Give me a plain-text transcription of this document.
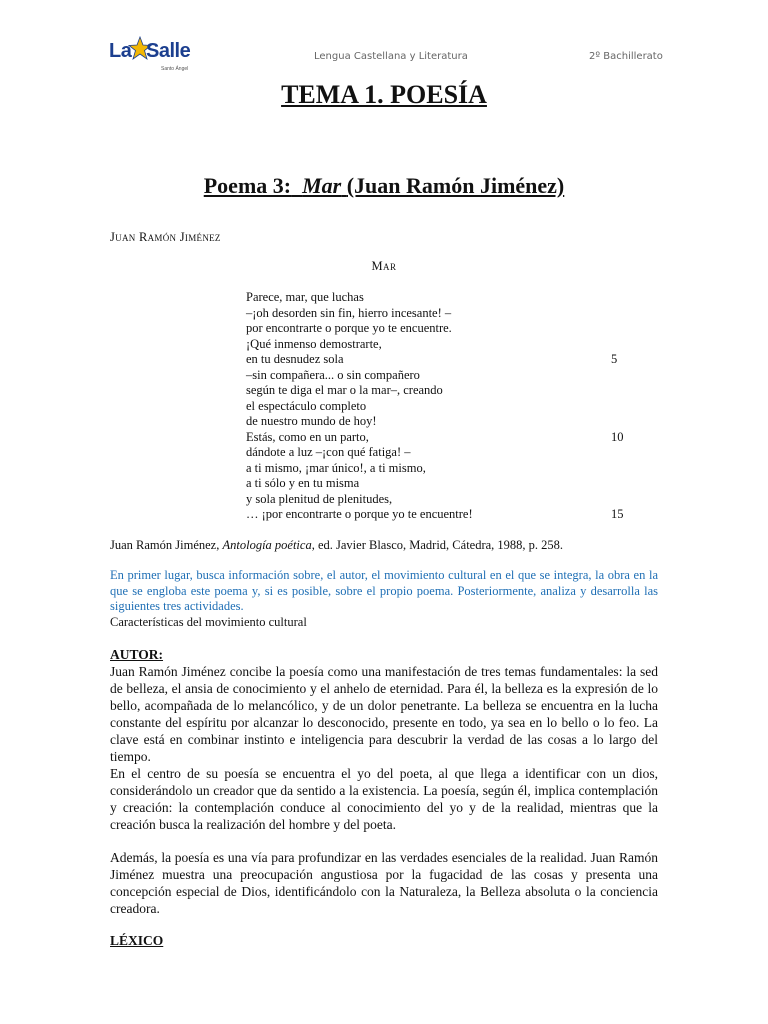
La Salle
Santo Ángel
Lengua Castellana y Literatura	2º Bachillerato
TEMA 1. POESÍA
Poema 3: Mar (Juan Ramón Jiménez)
Juan Ramón Jiménez
Mar
Parece, mar, que luchas
–¡oh desorden sin fin, hierro incesante! –
por encontrarte o porque yo te encuentre.
¡Qué inmenso demostrarte,
en tu desnudez sola	5
–sin compañera... o sin compañero
según te diga el mar o la mar–, creando
el espectáculo completo
de nuestro mundo de hoy!
Estás, como en un parto,	10
dándote a luz –¡con qué fatiga! –
a ti mismo, ¡mar único!, a ti mismo,
a ti sólo y en tu misma
y sola plenitud de plenitudes,
… ¡por encontrarte o porque yo te encuentre!	15
Juan Ramón Jiménez, Antología poética, ed. Javier Blasco, Madrid, Cátedra, 1988, p. 258.
En primer lugar, busca información sobre, el autor, el movimiento cultural en el que se integra, la obra en la que se engloba este poema y, si es posible, sobre el propio poema. Posteriormente, analiza y desarrolla las siguientes tres actividades.
Características del movimiento cultural
AUTOR:
Juan Ramón Jiménez concibe la poesía como una manifestación de tres temas fundamentales: la sed de belleza, el ansia de conocimiento y el anhelo de eternidad. Para él, la belleza es la expresión de lo bello, acompañada de lo melancólico, y de un dolor penetrante. La belleza se encuentra en la lucha constante del espíritu por alcanzar lo desconocido, presente en todo, ya sea en lo bello o lo feo. La clave está en combinar instinto e inteligencia para descubrir la verdad de las cosas a lo largo del tiempo.
En el centro de su poesía se encuentra el yo del poeta, al que llega a identificar con un dios, considerándolo un creador que da sentido a la existencia. La poesía, según él, implica contemplación y creación: la contemplación conduce al conocimiento del yo y de la realidad, mientras que la creación busca la realización del hombre y del poeta.
Además, la poesía es una vía para profundizar en las verdades esenciales de la realidad. Juan Ramón Jiménez muestra una preocupación angustiosa por la fugacidad de las cosas y presenta una concepción especial de Dios, identificándolo con la Naturaleza, la Belleza absoluta o la conciencia creadora.
LÉXICO
